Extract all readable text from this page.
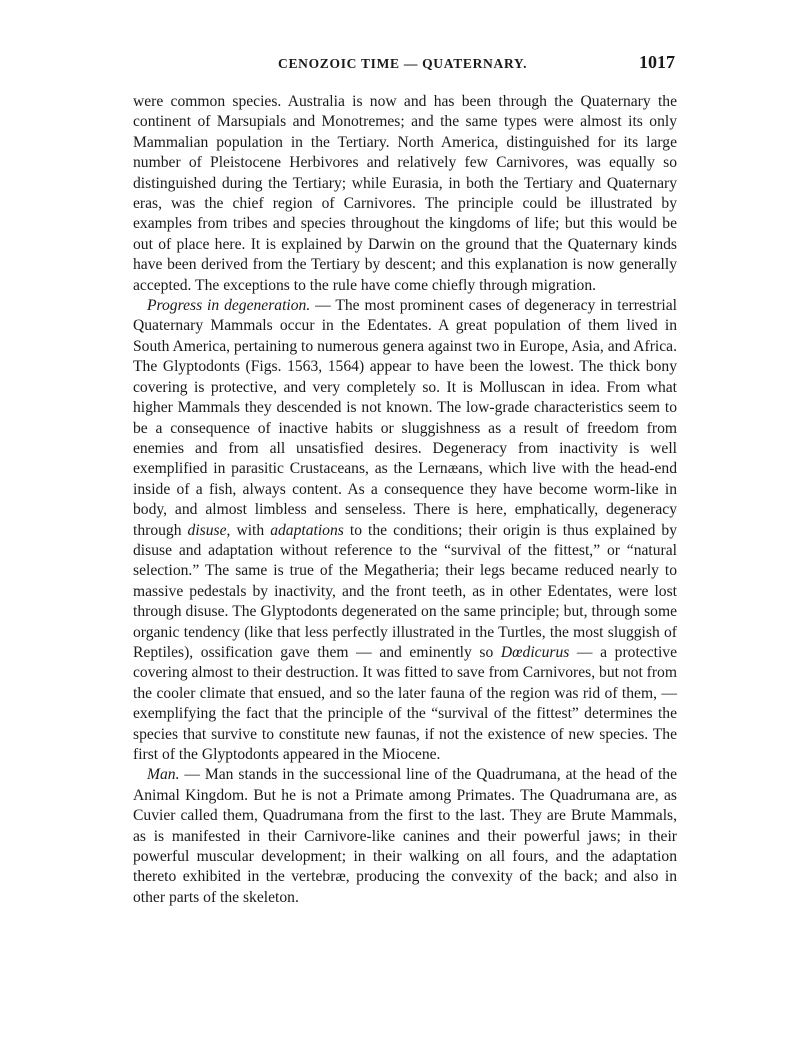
CENOZOIC TIME — QUATERNARY.	1017

were common species. Australia is now and has been through the Quaternary the continent of Marsupials and Monotremes; and the same types were almost its only Mammalian population in the Tertiary. North America, distinguished for its large number of Pleistocene Herbivores and relatively few Carnivores, was equally so distinguished during the Tertiary; while Eurasia, in both the Tertiary and Quaternary eras, was the chief region of Carnivores. The principle could be illustrated by examples from tribes and species throughout the kingdoms of life; but this would be out of place here. It is explained by Darwin on the ground that the Quaternary kinds have been derived from the Tertiary by descent; and this explanation is now generally accepted. The exceptions to the rule have come chiefly through migration.

Progress in degeneration. — The most prominent cases of degeneracy in terrestrial Quaternary Mammals occur in the Edentates. A great population of them lived in South America, pertaining to numerous genera against two in Europe, Asia, and Africa. The Glyptodonts (Figs. 1563, 1564) appear to have been the lowest. The thick bony covering is protective, and very completely so. It is Molluscan in idea. From what higher Mammals they descended is not known. The low-grade characteristics seem to be a consequence of inactive habits or sluggishness as a result of freedom from enemies and from all unsatisfied desires. Degeneracy from inactivity is well exemplified in parasitic Crustaceans, as the Lernæans, which live with the head-end inside of a fish, always content. As a consequence they have become worm-like in body, and almost limbless and senseless. There is here, emphatically, degeneracy through disuse, with adaptations to the conditions; their origin is thus explained by disuse and adaptation without reference to the “survival of the fittest,” or “natural selection.” The same is true of the Megatheria; their legs became reduced nearly to massive pedestals by inactivity, and the front teeth, as in other Edentates, were lost through disuse. The Glyptodonts degenerated on the same principle; but, through some organic tendency (like that less perfectly illustrated in the Turtles, the most sluggish of Reptiles), ossification gave them — and eminently so Dœdicurus — a protective covering almost to their destruction. It was fitted to save from Carnivores, but not from the cooler climate that ensued, and so the later fauna of the region was rid of them, — exemplifying the fact that the principle of the “survival of the fittest” determines the species that survive to constitute new faunas, if not the existence of new species. The first of the Glyptodonts appeared in the Miocene.

Man. — Man stands in the successional line of the Quadrumana, at the head of the Animal Kingdom. But he is not a Primate among Primates. The Quadrumana are, as Cuvier called them, Quadrumana from the first to the last. They are Brute Mammals, as is manifested in their Carnivore-like canines and their powerful jaws; in their powerful muscular development; in their walking on all fours, and the adaptation thereto exhibited in the vertebræ, producing the convexity of the back; and also in other parts of the skeleton.
